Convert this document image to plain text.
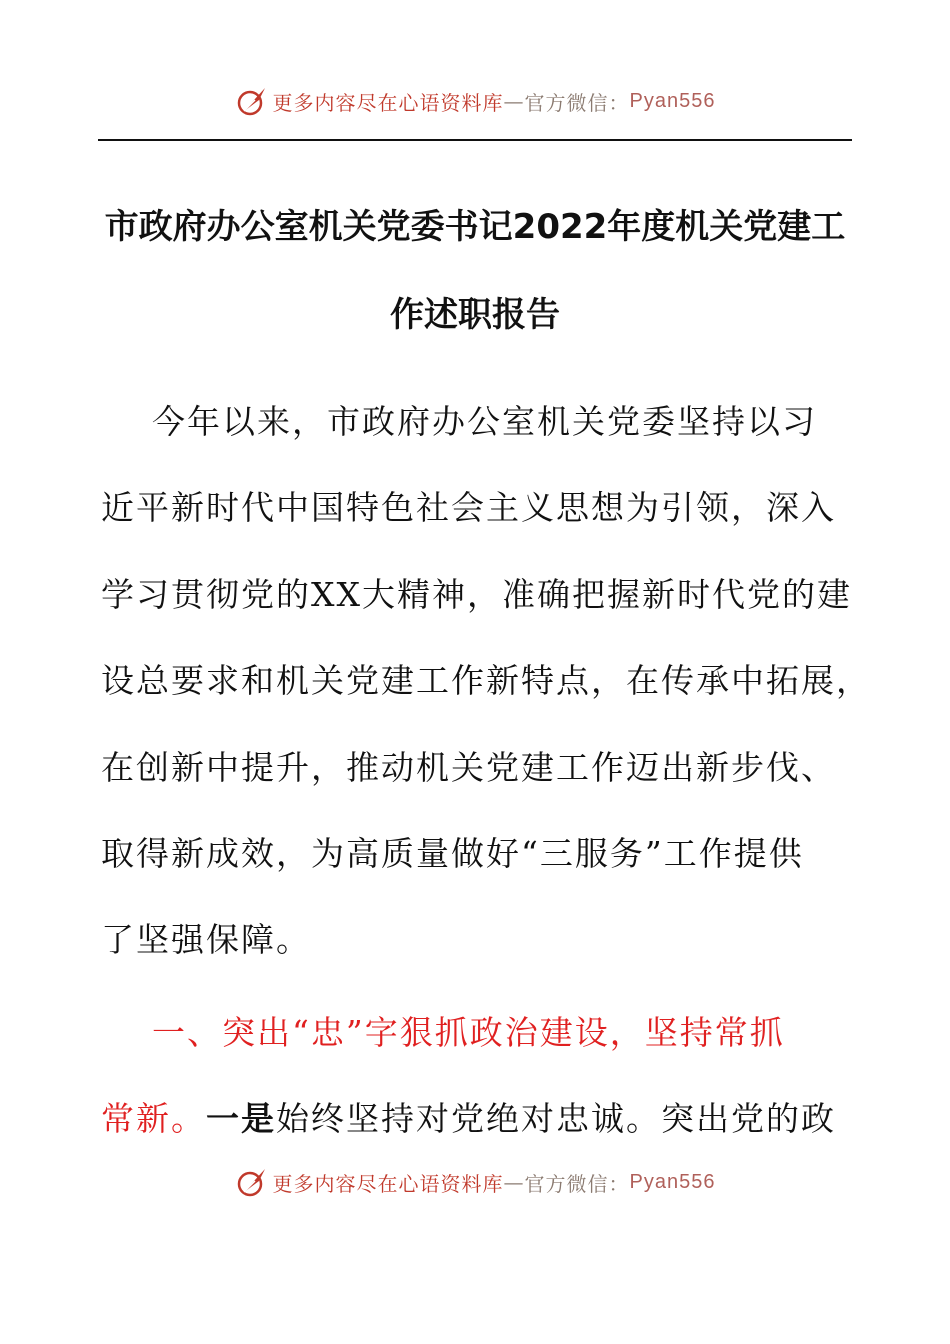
更多内容尽在心语资料库 — 官方微信： Pyan556
市政府办公室机关党委书记2022年度机关党建工
作述职报告
今年以来，市政府办公室机关党委坚持以习
近平新时代中国特色社会主义思想为引领，深入
学习贯彻党的XX大精神，准确把握新时代党的建
设总要求和机关党建工作新特点，在传承中拓展，
在创新中提升，推动机关党建工作迈出新步伐、
取得新成效，为高质量做好“三服务”工作提供
了坚强保障。
一、突出“忠”字狠抓政治建设，坚持常抓
常新。一是始终坚持对党绝对忠诚。突出党的政
更多内容尽在心语资料库 — 官方微信： Pyan556
